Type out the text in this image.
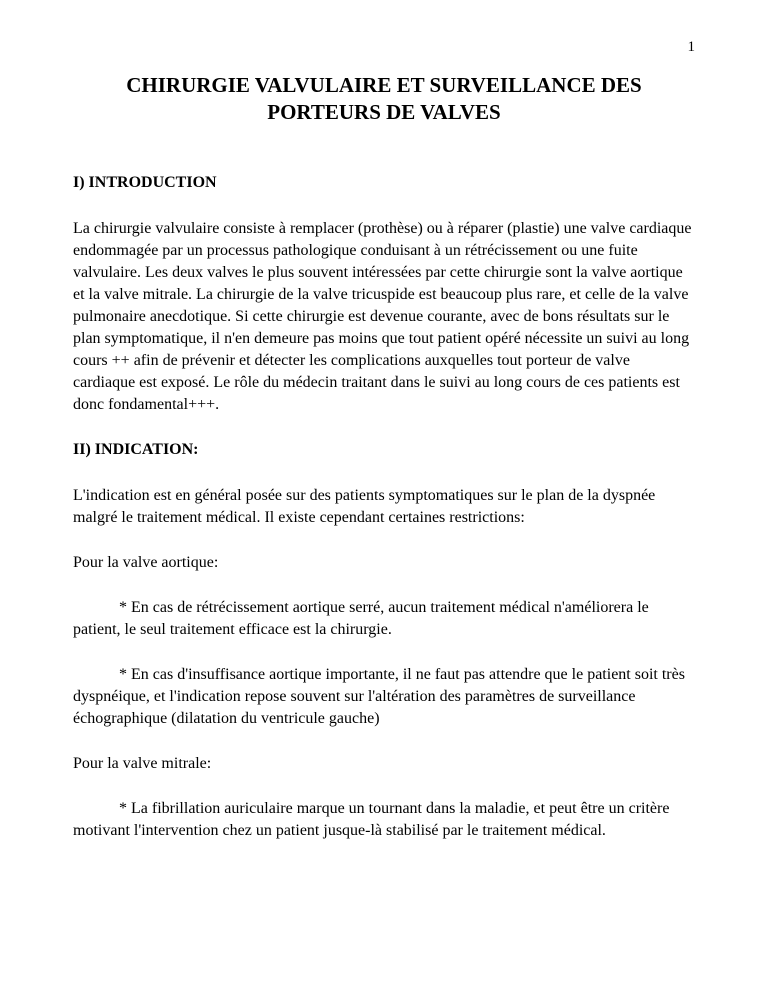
1
CHIRURGIE VALVULAIRE ET SURVEILLANCE DES PORTEURS DE VALVES
I) INTRODUCTION

La chirurgie valvulaire consiste à remplacer (prothèse) ou à réparer (plastie) une valve cardiaque endommagée par un processus pathologique conduisant à un rétrécissement ou une fuite valvulaire. Les deux valves le plus souvent intéressées par cette chirurgie sont la valve aortique et la valve mitrale. La chirurgie de la valve tricuspide est beaucoup plus rare, et celle de la valve pulmonaire anecdotique. Si cette chirurgie est devenue courante, avec de bons résultats sur le plan symptomatique, il n'en demeure pas moins que tout patient opéré nécessite un suivi au long cours ++ afin de prévenir et détecter les complications auxquelles tout porteur de valve cardiaque est exposé. Le rôle du médecin traitant dans le suivi au long cours de ces patients est donc fondamental+++.

II) INDICATION:

L'indication est en général posée sur des patients symptomatiques sur le plan de la dyspnée malgré le traitement médical. Il existe cependant certaines restrictions:

Pour la valve aortique:

* En cas de rétrécissement aortique serré, aucun traitement médical n'améliorera le patient, le seul traitement efficace est la chirurgie.

* En cas d'insuffisance aortique importante, il ne faut pas attendre que le patient soit très dyspnéique, et l'indication repose souvent sur l'altération des paramètres de surveillance échographique (dilatation du ventricule gauche)

Pour la valve mitrale:

* La fibrillation auriculaire marque un tournant dans la maladie, et peut être un critère motivant l'intervention chez un patient jusque-là stabilisé par le traitement médical.
